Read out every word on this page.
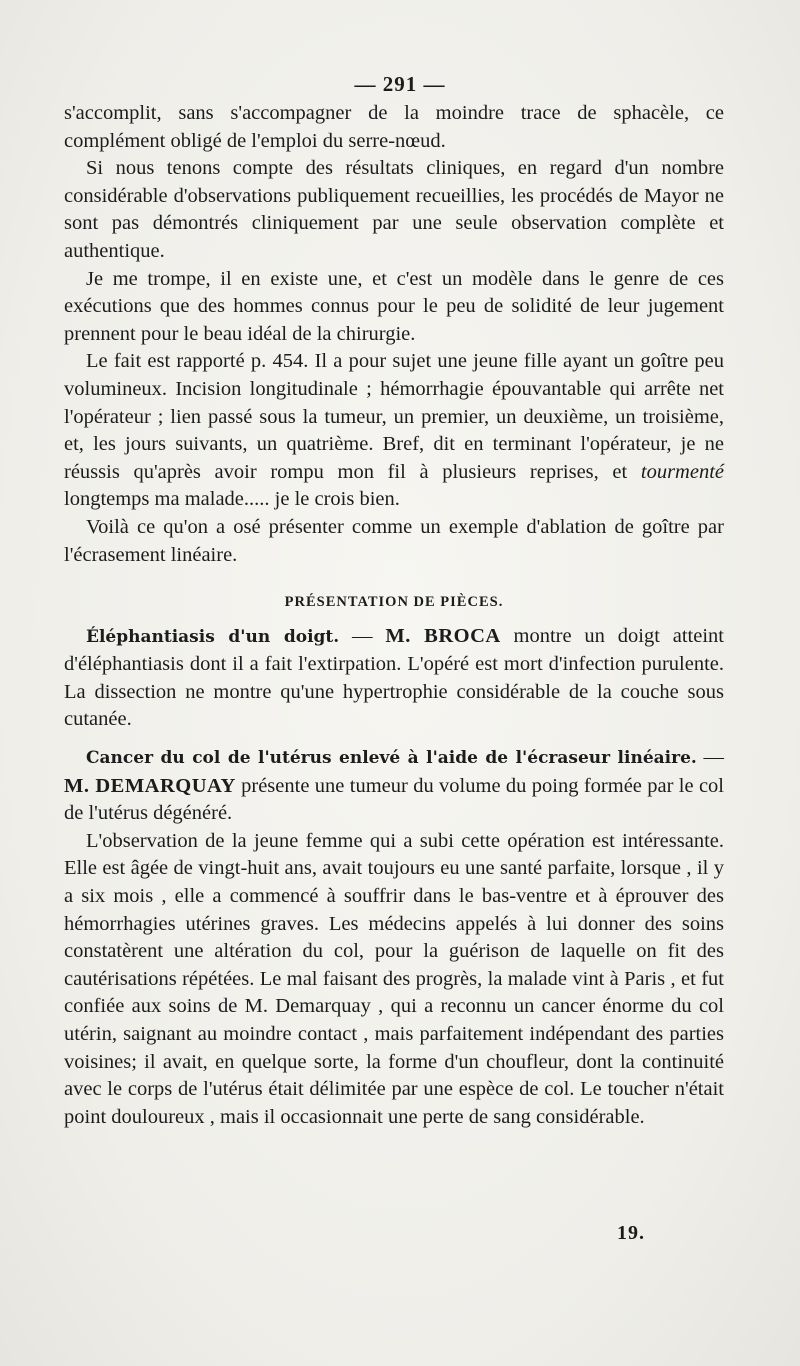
— 291 —

s'accomplit, sans s'accompagner de la moindre trace de sphacèle, ce complément obligé de l'emploi du serre-nœud.

Si nous tenons compte des résultats cliniques, en regard d'un nombre considérable d'observations publiquement recueillies, les procédés de Mayor ne sont pas démontrés cliniquement par une seule observation complète et authentique.

Je me trompe, il en existe une, et c'est un modèle dans le genre de ces exécutions que des hommes connus pour le peu de solidité de leur jugement prennent pour le beau idéal de la chirurgie.

Le fait est rapporté p. 454. Il a pour sujet une jeune fille ayant un goître peu volumineux. Incision longitudinale ; hémorrhagie épouvantable qui arrête net l'opérateur ; lien passé sous la tumeur, un premier, un deuxième, un troisième, et, les jours suivants, un quatrième. Bref, dit en terminant l'opérateur, je ne réussis qu'après avoir rompu mon fil à plusieurs reprises, et tourmenté longtemps ma malade..... je le crois bien.

Voilà ce qu'on a osé présenter comme un exemple d'ablation de goître par l'écrasement linéaire.

PRÉSENTATION DE PIÈCES.

Éléphantiasis d'un doigt. — M. BROCA montre un doigt atteint d'éléphantiasis dont il a fait l'extirpation. L'opéré est mort d'infection purulente. La dissection ne montre qu'une hypertrophie considérable de la couche sous cutanée.

Cancer du col de l'utérus enlevé à l'aide de l'écraseur linéaire. — M. DEMARQUAY présente une tumeur du volume du poing formée par le col de l'utérus dégénéré.

L'observation de la jeune femme qui a subi cette opération est intéressante. Elle est âgée de vingt-huit ans, avait toujours eu une santé parfaite, lorsque , il y a six mois , elle a commencé à souffrir dans le bas-ventre et à éprouver des hémorrhagies utérines graves. Les médecins appelés à lui donner des soins constatèrent une altération du col, pour la guérison de laquelle on fit des cautérisations répétées. Le mal faisant des progrès, la malade vint à Paris , et fut confiée aux soins de M. Demarquay , qui a reconnu un cancer énorme du col utérin, saignant au moindre contact , mais parfaitement indépendant des parties voisines; il avait, en quelque sorte, la forme d'un choufleur, dont la continuité avec le corps de l'utérus était délimitée par une espèce de col. Le toucher n'était point douloureux , mais il occasionnait une perte de sang considérable.

19.
